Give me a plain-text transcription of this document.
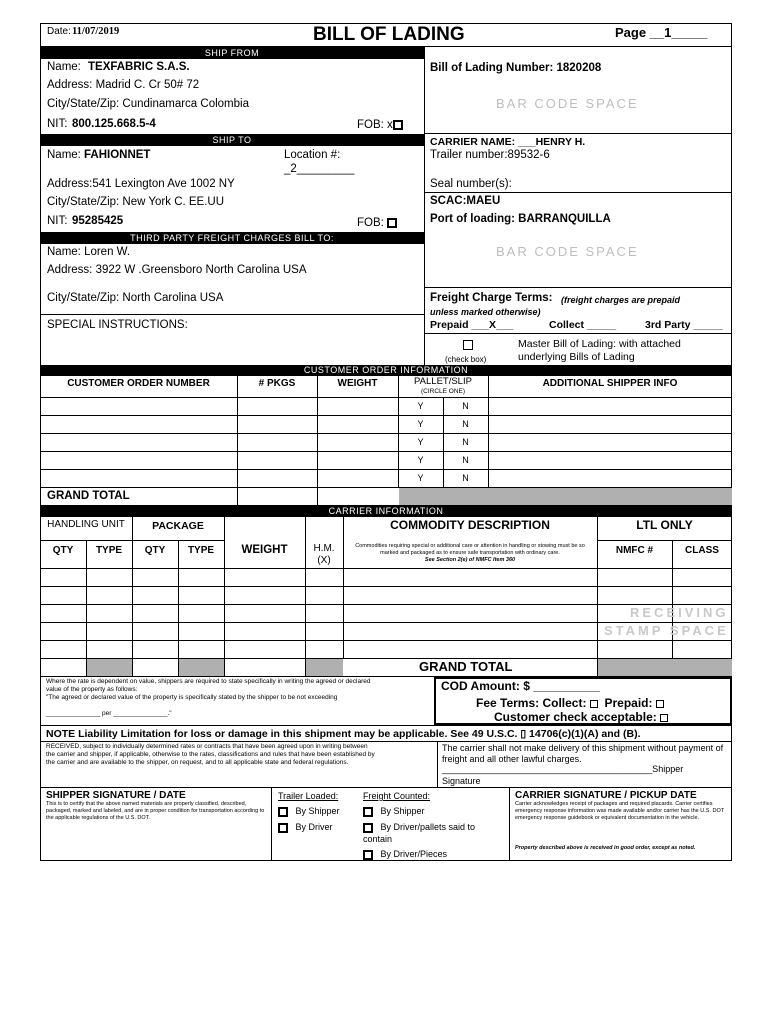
Date: 11/07/2019	BILL OF LADING	Page __1_____
SHIP FROM
Name: TEXFABRIC S.A.S.
Address: Madrid C. Cr 50# 72
City/State/Zip: Cundinamarca Colombia
NIT: 800.125.668.5-4	FOB: x
SHIP TO
Name: FAHIONNET	Location #:
_2_________
Address:541 Lexington Ave 1002 NY
City/State/Zip: New York C. EE.UU
NIT: 95285425	FOB:
THIRD PARTY FREIGHT CHARGES BILL TO:
Name: Loren W.
Address: 3922 W .Greensboro North Carolina USA
City/State/Zip: North Carolina USA
SPECIAL INSTRUCTIONS:
Bill of Lading Number: 1820208
BAR CODE SPACE
CARRIER NAME: ___HENRY H.
Trailer number:89532-6
Seal number(s):
SCAC:MAEU
Port of loading: BARRANQUILLA
BAR CODE SPACE
Freight Charge Terms: (freight charges are prepaid
unless marked otherwise)
Prepaid ___X___	Collect _____	3rd Party _____
(check box)
Master Bill of Lading: with attached
underlying Bills of Lading
CUSTOMER ORDER INFORMATION
CUSTOMER ORDER NUMBER	# PKGS	WEIGHT	PALLET/SLIP
(CIRCLE ONE)
ADDITIONAL SHIPPER INFO
Y	N
Y	N
Y	N
Y	N
Y	N
GRAND TOTAL
CARRIER INFORMATION
HANDLING UNIT	PACKAGE
QTY	TYPE	QTY	TYPE	WEIGHT	H.M.
(X)
COMMODITY DESCRIPTION
Commodities requiring special or additional care or attention in handling or stowing must be so marked and packaged as to ensure safe transportation with ordinary care.
See Section 2(e) of NMFC Item 360
LTL ONLY
NMFC #	CLASS
RECEIVING
STAMP SPACE
GRAND TOTAL
Where the rate is dependent on value, shippers are required to state specifically in writing the agreed or declared
value of the property as follows:
"The agreed or declared value of the property is specifically stated by the shipper to be not exceeding
_______________ per _______________."
COD Amount: $ __________
Fee Terms: Collect: Prepaid:
Customer check acceptable:
NOTE Liability Limitation for loss or damage in this shipment may be applicable. See 49 U.S.C. ▯ 14706(c)(1)(A) and (B).
RECEIVED, subject to individually determined rates or contracts that have been agreed upon in writing between
the carrier and shipper, if applicable, otherwise to the rates, classifications and rules that have been established by
the carrier and are available to the shipper, on request, and to all applicable state and federal regulations.
The carrier shall not make delivery of this shipment without payment of
freight and all other lawful charges.
__________________________________________Shipper
Signature
SHIPPER SIGNATURE / DATE
This is to certify that the above named materials are properly classified, described, packaged, marked and labeled, and are in proper condition for transportation according to the applicable regulations of the U.S. DOT.
Trailer Loaded:
By Shipper
By Driver
Freight Counted:
By Shipper
By Driver/pallets said to
contain
By Driver/Pieces
CARRIER SIGNATURE / PICKUP DATE
Carrier acknowledges receipt of packages and required placards. Carrier certifies emergency response information was made available and/or carrier has the U.S. DOT emergency response guidebook or equivalent documentation in the vehicle.
Property described above is received in good order, except as noted.
